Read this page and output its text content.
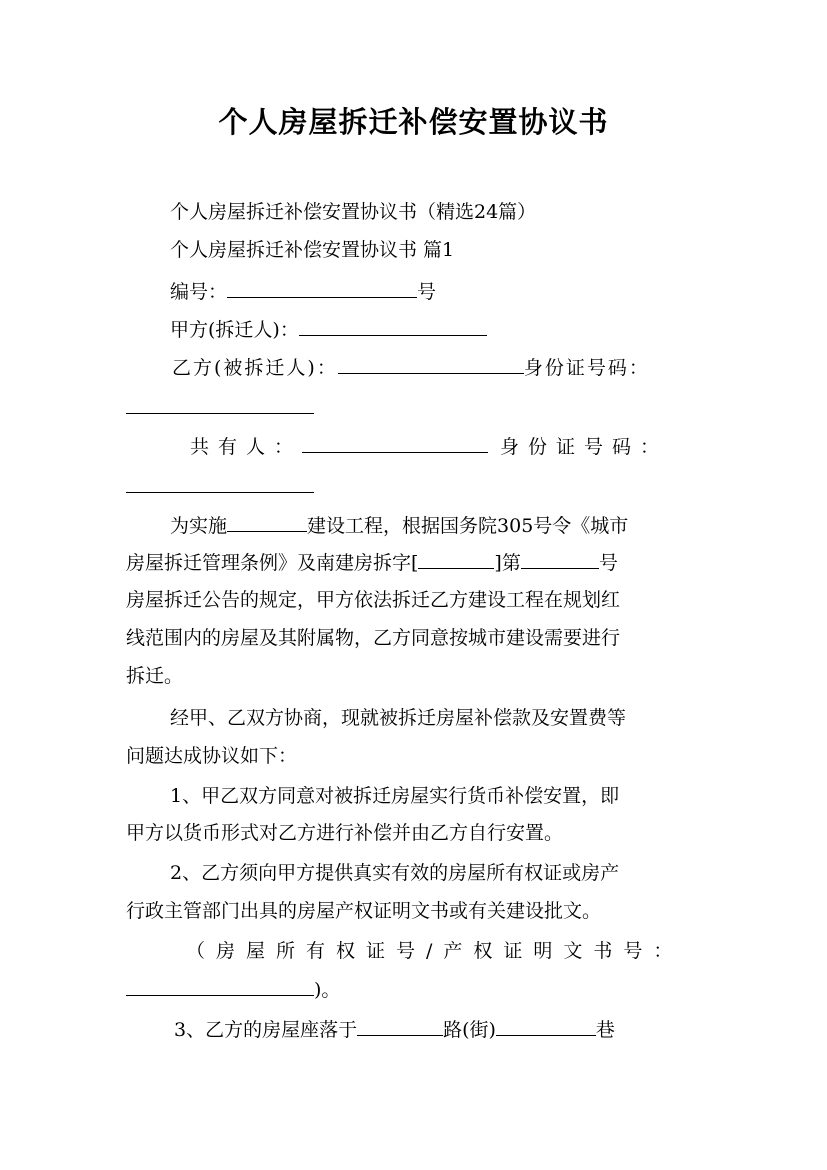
个人房屋拆迁补偿安置协议书
个人房屋拆迁补偿安置协议书（精选24篇）
个人房屋拆迁补偿安置协议书 篇1
编号：	号
甲方(拆迁人)：
乙方(被拆迁人)：	身份证号码：
共有人：	身份证号码：
为实施	建设工程，根据国务院305号令《城市
房屋拆迁管理条例》及南建房拆字[	]第	号
房屋拆迁公告的规定，甲方依法拆迁乙方建设工程在规划红
线范围内的房屋及其附属物，乙方同意按城市建设需要进行
拆迁。
经甲、乙双方协商，现就被拆迁房屋补偿款及安置费等
问题达成协议如下：
1、甲乙双方同意对被拆迁房屋实行货币补偿安置，即
甲方以货币形式对乙方进行补偿并由乙方自行安置。
2、乙方须向甲方提供真实有效的房屋所有权证或房产
行政主管部门出具的房屋产权证明文书或有关建设批文。
（房屋所有权证号/产权证明文书号：
)。
3、乙方的房屋座落于	路(街)	巷
